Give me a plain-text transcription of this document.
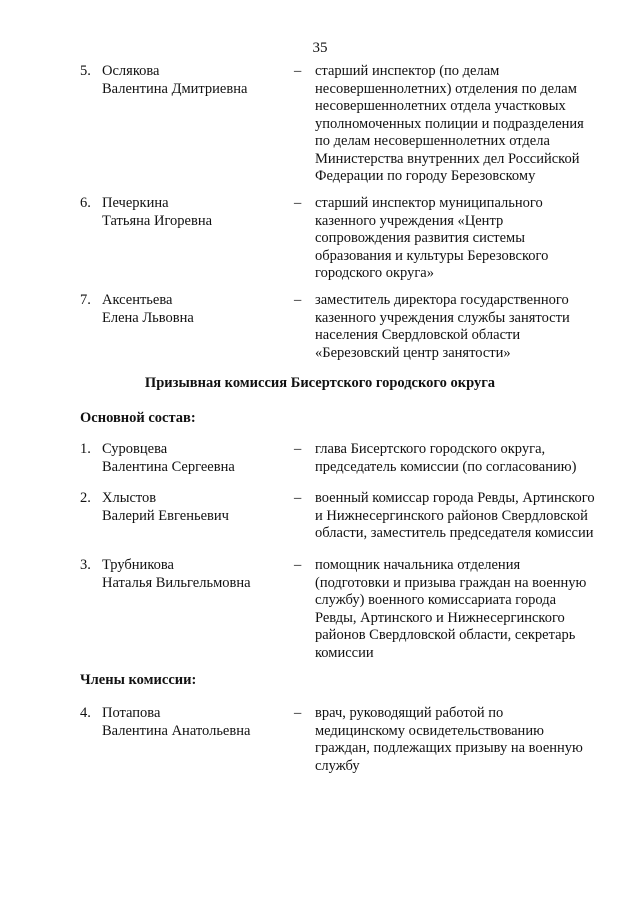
35
5. Ослякова
Валентина Дмитриевна
– старший инспектор (по делам
несовершеннолетних) отделения по делам
несовершеннолетних отдела участковых
уполномоченных полиции и подразделения
по делам несовершеннолетних отдела
Министерства внутренних дел Российской
Федерации по городу Березовскому
6. Печеркина
Татьяна Игоревна
– старший инспектор муниципального
казенного учреждения «Центр
сопровождения развития системы
образования и культуры Березовского
городского округа»
7. Аксентьева
Елена Львовна
– заместитель директора государственного
казенного учреждения службы занятости
населения Свердловской области
«Березовский центр занятости»
Призывная комиссия Бисертского городского округа
Основной состав:
1. Суровцева
Валентина Сергеевна
– глава Бисертского городского округа,
председатель комиссии (по согласованию)
2. Хлыстов
Валерий Евгеньевич
– военный комиссар города Ревды, Артинского
и Нижнесергинского районов Свердловской
области, заместитель председателя комиссии
3. Трубникова
Наталья Вильгельмовна
– помощник начальника отделения
(подготовки и призыва граждан на военную
службу) военного комиссариата города
Ревды, Артинского и Нижнесергинского
районов Свердловской области, секретарь
комиссии
Члены комиссии:
4. Потапова
Валентина Анатольевна
– врач, руководящий работой по
медицинскому освидетельствованию
граждан, подлежащих призыву на военную
службу
